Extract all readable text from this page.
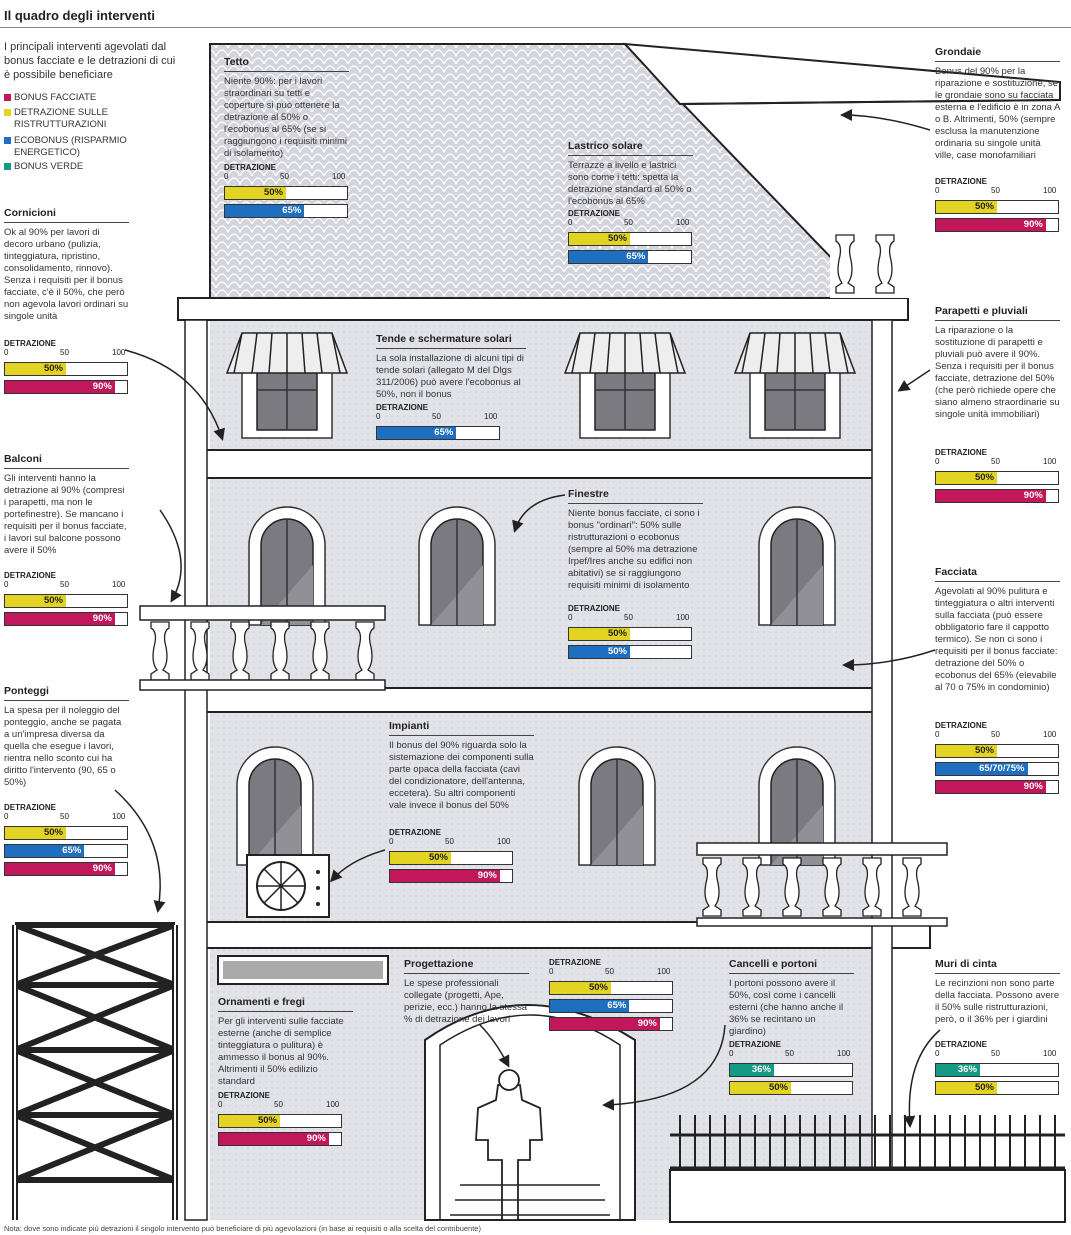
Il quadro degli interventi
I principali interventi agevolati dal bonus facciate e le detrazioni di cui è possibile beneficiare
BONUS FACCIATE
DETRAZIONE SULLE RISTRUTTURAZIONI
ECOBONUS (RISPARMIO ENERGETICO)
BONUS VERDE
Tetto
Niente 90%: per i lavori straordinari su tetti e coperture si può ottenere la detrazione al 50% o l'ecobonus al 65% (se si raggiungono i requisiti minimi di isolamento)
Lastrico solare
Terrazze a livello e lastrici sono come i tetti: spetta la detrazione standard al 50% o l'ecobonus al 65%
Grondaie
Bonus del 90% per la riparazione e sostituzione, se le grondaie sono su facciata esterna e l'edificio è in zona A o B. Altrimenti, 50% (sempre esclusa la manutenzione ordinaria su singole unità ville, case monofamiliari
Cornicioni
Ok al 90% per lavori di decoro urbano (pulizia, tinteggiatura, ripristino, consolidamento, rinnovo). Senza i requisiti per il bonus facciate, c'è il 50%, che però non agevola lavori ordinari su singole unità
Tende e schermature solari
La sola installazione di alcuni tipi di tende solari (allegato M del Dlgs 311/2006) può avere l'ecobonus al 50%, non il bonus
Parapetti e pluviali
La riparazione o la sostituzione di parapetti e pluviali può avere il 90%. Senza i requisiti per il bonus facciate, detrazione del 50% (che però richiede opere che siano almeno straordinarie su singole unità immobiliari)
Balconi
Gli interventi hanno la detrazione al 90% (compresi i parapetti, ma non le portefinestre). Se mancano i requisiti per il bonus facciate, i lavori sul balcone possono avere il 50%
Finestre
Niente bonus facciate, ci sono i bonus "ordinari": 50% sulle ristrutturazioni o ecobonus (sempre al 50% ma detrazione Irpef/Ires anche su edifici non abitativi) se si raggiungono requisiti minimi di isolamento
Facciata
Agevolati al 90% pulitura e tinteggiatura o altri interventi sulla facciata (può essere obbligatorio fare il cappotto termico). Se non ci sono i requisiti per il bonus facciate: detrazione del 50% o ecobonus del 65% (elevabile al 70 o 75% in condominio)
Ponteggi
La spesa per il noleggio del ponteggio, anche se pagata a un'impresa diversa da quella che esegue i lavori, rientra nello sconto cui ha diritto l'intervento (90, 65 o 50%)
Impianti
Il bonus del 90% riguarda solo la sistemazione dei componenti sulla parte opaca della facciata (cavi del condizionatore, dell'antenna, eccetera). Su altri componenti vale invece il bonus del 50%
Progettazione
Le spese professionali collegate (progetti, Ape, perizie, ecc.) hanno la stessa % di detrazione dei lavori
Ornamenti e fregi
Per gli interventi sulle facciate esterne (anche di semplice tinteggiatura o pulitura) è ammesso il bonus al 90%. Altrimenti il 50% edilizio standard
Cancelli e portoni
I portoni possono avere il 50%, così come i cancelli esterni (che hanno anche il 36% se recintano un giardino)
Muri di cinta
Le recinzioni non sono parte della facciata. Possono avere il 50% sulle ristrutturazioni, però, o il 36% per i giardini
DETRAZIONE
0	50	100
50%
65%	DETRAZIONE
0	50	100
50%
65%
DETRAZIONE
0	50	100
50%
90%
DETRAZIONE
0	50	100
50%
90%
DETRAZIONE
0	50	100
65%
DETRAZIONE
0	50	100
50%
90%
DETRAZIONE
0	50	100
50%
90%
DETRAZIONE
0	50	100
50%
50%
DETRAZIONE
0	50	100
50%
65/70/75%
90%
DETRAZIONE
0	50	100
50%
65%
90%
DETRAZIONE
0	50	100
50%
90%
DETRAZIONE
0	50	100
50%
65%
90%
DETRAZIONE
0	50	100
50%
90%
DETRAZIONE
0	50	100
36%
50%
DETRAZIONE
0	50	100
36%
50%
Nota: dove sono indicate più detrazioni il singolo intervento può beneficiare di più agevolazioni (in base ai requisiti o alla scelta del contribuente)
